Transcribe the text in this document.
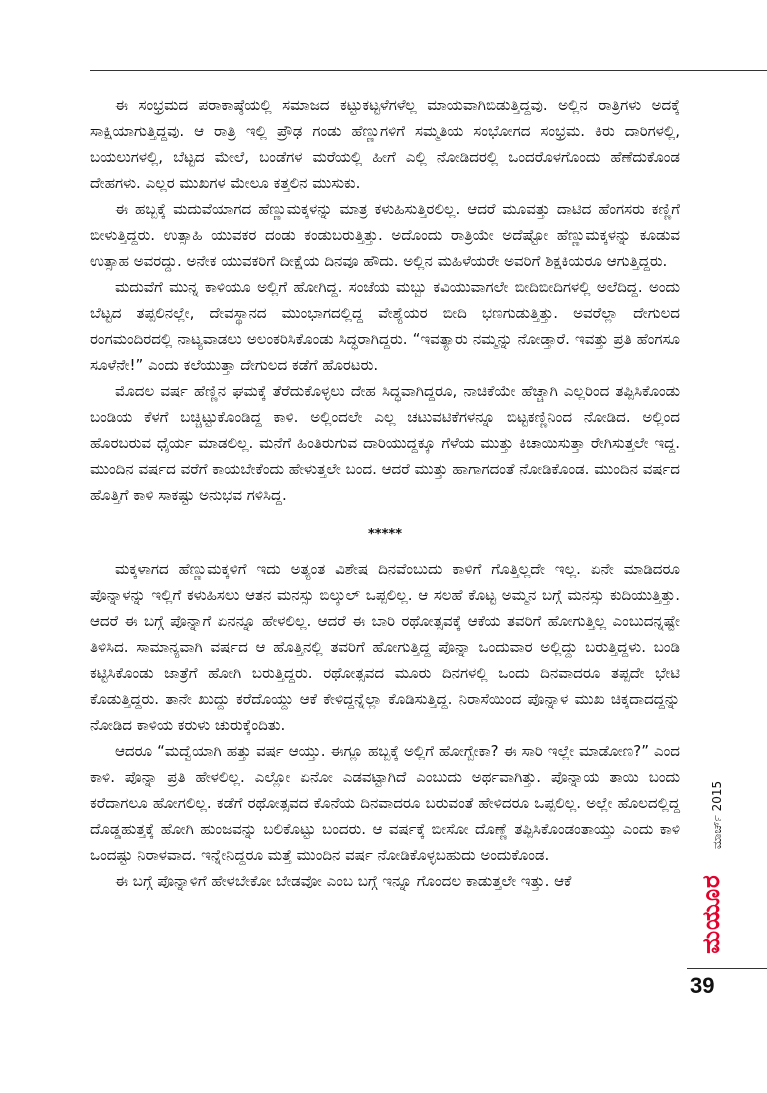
ಈ ಸಂಭ್ರಮದ ಪರಾಕಾಷ್ಠೆಯಲ್ಲಿ ಸಮಾಜದ ಕಟ್ಟುಕಟ್ಟಳೆಗಳೆಲ್ಲ ಮಾಯವಾಗಿಬಿಡುತ್ತಿದ್ದವು. ಅಲ್ಲಿನ ರಾತ್ರಿಗಳು ಅದಕ್ಕೆ ಸಾಕ್ಷಿಯಾಗುತ್ತಿದ್ದವು. ಆ ರಾತ್ರಿ ಇಲ್ಲಿ ಪ್ರೌಢ ಗಂಡು ಹೆಣ್ಣುಗಳಿಗೆ ಸಮ್ಮತಿಯ ಸಂಭೋಗದ ಸಂಭ್ರಮ. ಕಿರು ದಾರಿಗಳಲ್ಲಿ, ಬಯಲುಗಳಲ್ಲಿ, ಬೆಟ್ಟದ ಮೇಲೆ, ಬಂಡೆಗಳ ಮರೆಯಲ್ಲಿ ಹೀಗೆ ಎಲ್ಲಿ ನೋಡಿದರಲ್ಲಿ ಒಂದರೊಳಗೊಂದು ಹೆಣೆದುಕೊಂಡ ದೇಹಗಳು. ಎಲ್ಲರ ಮುಖಗಳ ಮೇಲೂ ಕತ್ತಲಿನ ಮುಸುಕು.

ಈ ಹಬ್ಬಕ್ಕೆ ಮದುವೆಯಾಗದ ಹೆಣ್ಣುಮಕ್ಕಳನ್ನು ಮಾತ್ರ ಕಳುಹಿಸುತ್ತಿರಲಿಲ್ಲ. ಆದರೆ ಮೂವತ್ತು ದಾಟಿದ ಹೆಂಗಸರು ಕಣ್ಣಿಗೆ ಬೀಳುತ್ತಿದ್ದರು. ಉತ್ಸಾಹಿ ಯುವಕರ ದಂಡು ಕಂಡುಬರುತ್ತಿತ್ತು. ಅದೊಂದು ರಾತ್ರಿಯೇ ಅದೆಷ್ಟೋ ಹೆಣ್ಣುಮಕ್ಕಳನ್ನು ಕೂಡುವ ಉತ್ಸಾಹ ಅವರದ್ದು. ಅನೇಕ ಯುವಕರಿಗೆ ದೀಕ್ಷೆಯ ದಿನವೂ ಹೌದು. ಅಲ್ಲಿನ ಮಹಿಳೆಯರೇ ಅವರಿಗೆ ಶಿಕ್ಷಕಿಯರೂ ಆಗುತ್ತಿದ್ದರು.

ಮದುವೆಗೆ ಮುನ್ನ ಕಾಳಿಯೂ ಅಲ್ಲಿಗೆ ಹೋಗಿದ್ದ. ಸಂಜೆಯ ಮಬ್ಬು ಕವಿಯುವಾಗಲೇ ಬೀದಿಬೀದಿಗಳಲ್ಲಿ ಅಲೆದಿದ್ದ. ಅಂದು ಬೆಟ್ಟದ ತಪ್ಪಲಿನಲ್ಲೇ, ದೇವಸ್ಥಾನದ ಮುಂಭಾಗದಲ್ಲಿದ್ದ ವೇಶ್ಯೆಯರ ಬೀದಿ ಭಣಗುಡುತ್ತಿತ್ತು. ಅವರೆಲ್ಲಾ ದೇಗುಲದ ರಂಗಮಂದಿರದಲ್ಲಿ ನಾಟ್ಯವಾಡಲು ಅಲಂಕರಿಸಿಕೊಂಡು ಸಿದ್ಧರಾಗಿದ್ದರು. “ಇವತ್ಯಾರು ನಮ್ಮನ್ನು ನೋಡ್ತಾರೆ. ಇವತ್ತು ಪ್ರತಿ ಹೆಂಗಸೂ ಸೂಳೆನೇ!” ಎಂದು ಕಲೆಯುತ್ತಾ ದೇಗುಲದ ಕಡೆಗೆ ಹೊರಟರು.

ಮೊದಲ ವರ್ಷ ಹೆಣ್ಣಿನ ಘಮಕ್ಕೆ ತೆರೆದುಕೊಳ್ಳಲು ದೇಹ ಸಿದ್ಧವಾಗಿದ್ದರೂ, ನಾಚಿಕೆಯೇ ಹೆಚ್ಚಾಗಿ ಎಲ್ಲರಿಂದ ತಪ್ಪಿಸಿಕೊಂಡು ಬಂಡಿಯ ಕೆಳಗೆ ಬಚ್ಚಿಟ್ಟುಕೊಂಡಿದ್ದ ಕಾಳಿ. ಅಲ್ಲಿಂದಲೇ ಎಲ್ಲ ಚಟುವಟಿಕೆಗಳನ್ನೂ ಬಿಟ್ಟಕಣ್ಣಿನಿಂದ ನೋಡಿದ. ಅಲ್ಲಿಂದ ಹೊರಬರುವ ಧೈರ್ಯ ಮಾಡಲಿಲ್ಲ. ಮನೆಗೆ ಹಿಂತಿರುಗುವ ದಾರಿಯುದ್ದಕ್ಕೂ ಗೆಳೆಯ ಮುತ್ತು ಕಿಚಾಯಿಸುತ್ತಾ ರೇಗಿಸುತ್ತಲೇ ಇದ್ದ. ಮುಂದಿನ ವರ್ಷದ ವರೆಗೆ ಕಾಯಬೇಕೆಂದು ಹೇಳುತ್ತಲೇ ಬಂದ. ಆದರೆ ಮುತ್ತು ಹಾಗಾಗದಂತೆ ನೋಡಿಕೊಂಡ. ಮುಂದಿನ ವರ್ಷದ ಹೊತ್ತಿಗೆ ಕಾಳಿ ಸಾಕಷ್ಟು ಅನುಭವ ಗಳಿಸಿದ್ದ.

*****

ಮಕ್ಕಳಾಗದ ಹೆಣ್ಣುಮಕ್ಕಳಿಗೆ ಇದು ಅತ್ಯಂತ ವಿಶೇಷ ದಿನವೆಂಬುದು ಕಾಳಿಗೆ ಗೊತ್ತಿಲ್ಲದೇ ಇಲ್ಲ. ಏನೇ ಮಾಡಿದರೂ ಪೊನ್ನಾಳನ್ನು ಇಲ್ಲಿಗೆ ಕಳುಹಿಸಲು ಆತನ ಮನಸ್ಸು ಬಿಲ್ಕುಲ್ ಒಪ್ಪಲಿಲ್ಲ. ಆ ಸಲಹೆ ಕೊಟ್ಟ ಅಮ್ಮನ ಬಗ್ಗೆ ಮನಸ್ಸು ಕುದಿಯುತ್ತಿತ್ತು. ಆದರೆ ಈ ಬಗ್ಗೆ ಪೊನ್ನಾಗೆ ಏನನ್ನೂ ಹೇಳಲಿಲ್ಲ. ಆದರೆ ಈ ಬಾರಿ ರಥೋತ್ಸವಕ್ಕೆ ಆಕೆಯ ತವರಿಗೆ ಹೋಗುತ್ತಿಲ್ಲ ಎಂಬುದನ್ನಷ್ಟೇ ತಿಳಿಸಿದ. ಸಾಮಾನ್ಯವಾಗಿ ವರ್ಷದ ಆ ಹೊತ್ತಿನಲ್ಲಿ ತವರಿಗೆ ಹೋಗುತ್ತಿದ್ದ ಪೊನ್ನಾ ಒಂದುವಾರ ಅಲ್ಲಿದ್ದು ಬರುತ್ತಿದ್ದಳು. ಬಂಡಿ ಕಟ್ಟಿಸಿಕೊಂಡು ಜಾತ್ರೆಗೆ ಹೋಗಿ ಬರುತ್ತಿದ್ದರು. ರಥೋತ್ಸವದ ಮೂರು ದಿನಗಳಲ್ಲಿ ಒಂದು ದಿನವಾದರೂ ತಪ್ಪದೇ ಭೇಟಿ ಕೊಡುತ್ತಿದ್ದರು. ತಾನೇ ಖುದ್ದು ಕರೆದೊಯ್ದು ಆಕೆ ಕೇಳಿದ್ದನ್ನೆಲ್ಲಾ ಕೊಡಿಸುತ್ತಿದ್ದ. ನಿರಾಸೆಯಿಂದ ಪೊನ್ನಾಳ ಮುಖ ಚಿಕ್ಕದಾದದ್ದನ್ನು ನೋಡಿದ ಕಾಳಿಯ ಕರುಳು ಚುರುಕ್ಕೆಂದಿತು.

ಆದರೂ “ಮದ್ವೆಯಾಗಿ ಹತ್ತು ವರ್ಷ ಆಯ್ತು. ಈಗ್ಲೂ ಹಬ್ಬಕ್ಕೆ ಅಲ್ಲಿಗೆ ಹೋಗ್ಬೇಕಾ? ಈ ಸಾರಿ ಇಲ್ಲೇ ಮಾಡೋಣ?” ಎಂದ ಕಾಳಿ. ಪೊನ್ನಾ ಪ್ರತಿ ಹೇಳಲಿಲ್ಲ. ಎಲ್ಲೋ ಏನೋ ಎಡವಟ್ಟಾಗಿದೆ ಎಂಬುದು ಅರ್ಥವಾಗಿತ್ತು. ಪೊನ್ನಾಯ ತಾಯಿ ಬಂದು ಕರೆದಾಗಲೂ ಹೋಗಲಿಲ್ಲ. ಕಡೆಗೆ ರಥೋತ್ಸವದ ಕೊನೆಯ ದಿನವಾದರೂ ಬರುವಂತೆ ಹೇಳಿದರೂ ಒಪ್ಪಲಿಲ್ಲ. ಅಲ್ಲೇ ಹೊಲದಲ್ಲಿದ್ದ ದೊಡ್ಡಹುತ್ತಕ್ಕೆ ಹೋಗಿ ಹುಂಜವನ್ನು ಬಲಿಕೊಟ್ಟು ಬಂದರು. ಆ ವರ್ಷಕ್ಕೆ ಬೀಸೋ ದೊಣ್ಣೆ ತಪ್ಪಿಸಿಕೊಂಡಂತಾಯ್ತು ಎಂದು ಕಾಳಿ ಒಂದಷ್ಟು ನಿರಾಳವಾದ. ಇನ್ನೇನಿದ್ದರೂ ಮತ್ತೆ ಮುಂದಿನ ವರ್ಷ ನೋಡಿಕೊಳ್ಳಬಹುದು ಅಂದುಕೊಂಡ.

ಈ ಬಗ್ಗೆ ಪೊನ್ನಾಳಿಗೆ ಹೇಳಬೇಕೋ ಬೇಡವೋ ಎಂಬ ಬಗ್ಗೆ ಇನ್ನೂ ಗೊಂದಲ ಕಾಡುತ್ತಲೇ ಇತ್ತು. ಆಕೆ

ಮಾರ್ಚ್ 2015
ಮಯೂರ
39
